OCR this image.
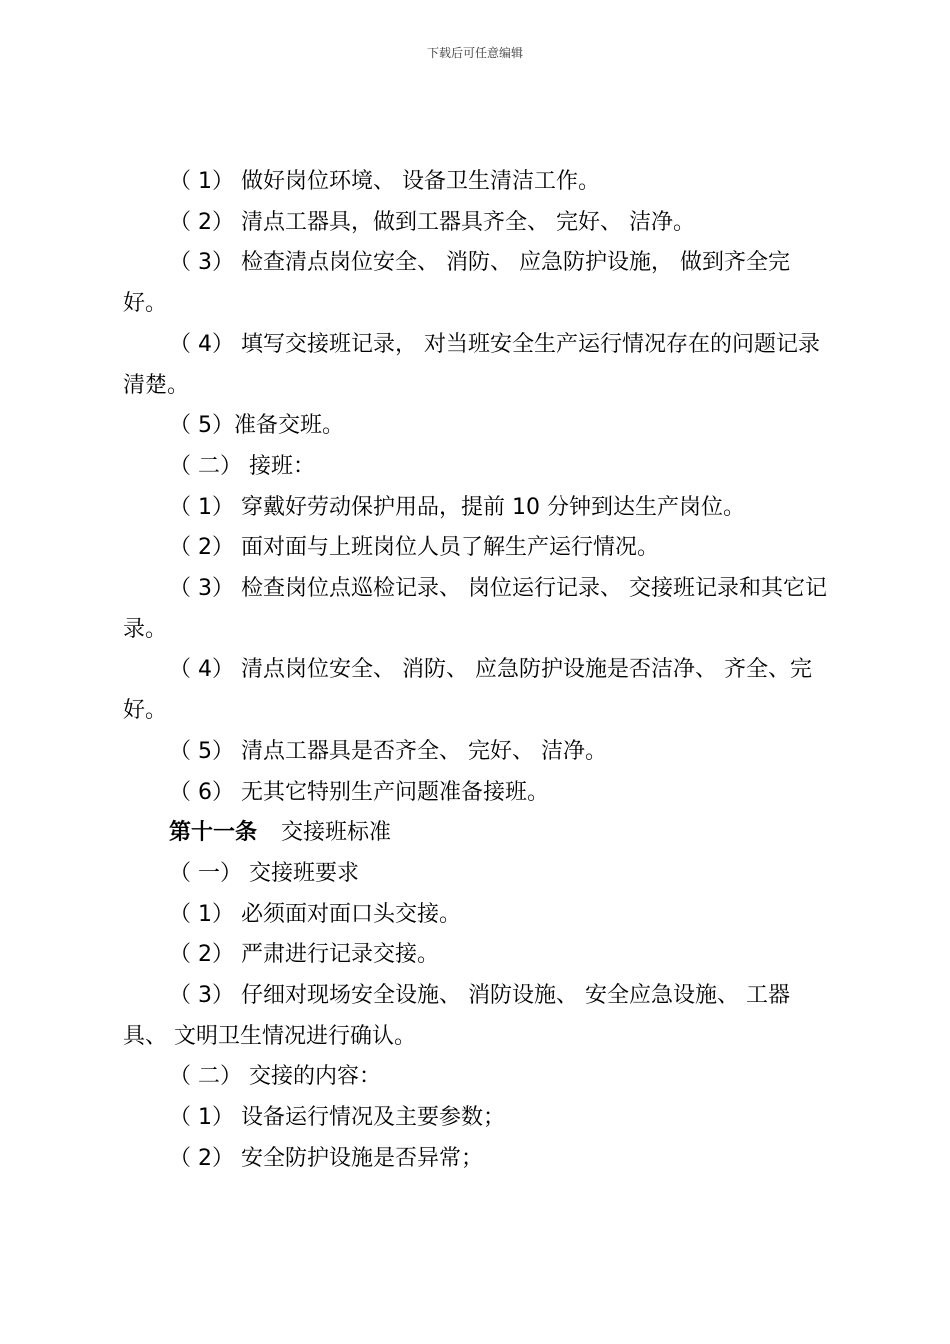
下载后可任意编辑

（ 1） 做好岗位环境、 设备卫生清洁工作。

（ 2） 清点工器具，做到工器具齐全、 完好、 洁净。

（ 3） 检查清点岗位安全、 消防、 应急防护设施， 做到齐全完好。

（ 4） 填写交接班记录， 对当班安全生产运行情况存在的问题记录清楚。

（ 5）准备交班。

（ 二） 接班：

（ 1） 穿戴好劳动保护用品，提前 10 分钟到达生产岗位。

（ 2） 面对面与上班岗位人员了解生产运行情况。

（ 3） 检查岗位点巡检记录、 岗位运行记录、 交接班记录和其它记录。

（ 4） 清点岗位安全、 消防、 应急防护设施是否洁净、 齐全、完好。

（ 5） 清点工器具是否齐全、 完好、 洁净。

（ 6） 无其它特别生产问题准备接班。

第十一条 交接班标准

（ 一） 交接班要求

（ 1） 必须面对面口头交接。

（ 2） 严肃进行记录交接。

（ 3） 仔细对现场安全设施、 消防设施、 安全应急设施、 工器具、 文明卫生情况进行确认。

（ 二） 交接的内容：

（ 1） 设备运行情况及主要参数；

（ 2） 安全防护设施是否异常；
